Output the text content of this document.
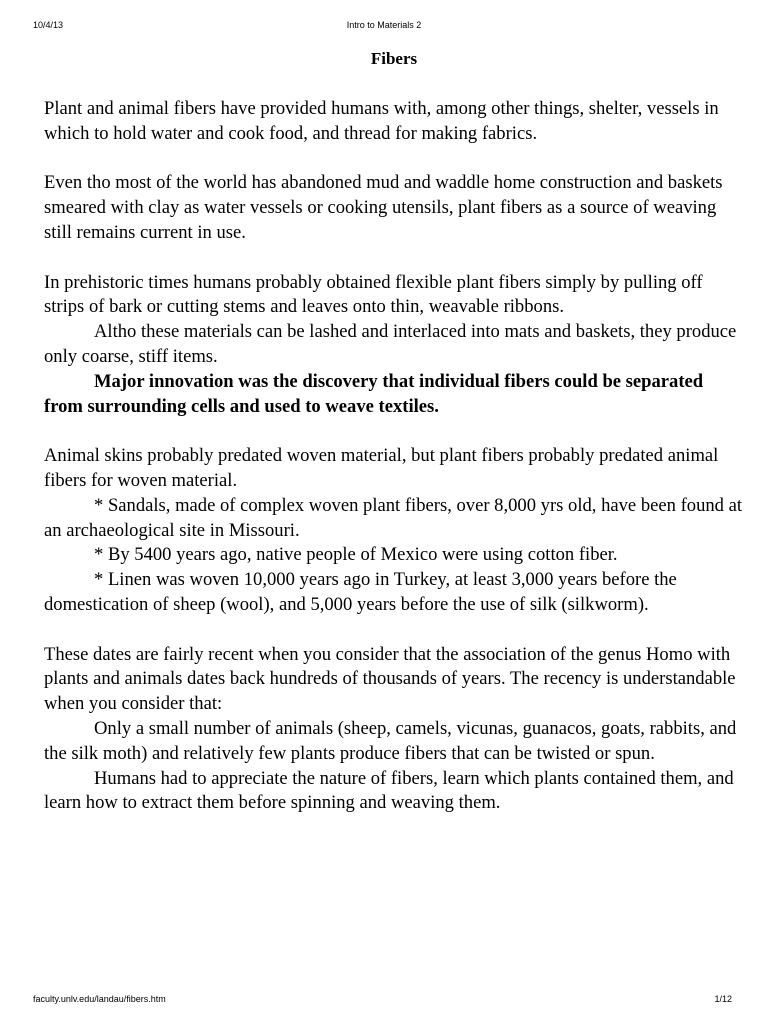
10/4/13	Intro to Materials 2
Fibers

Plant and animal fibers have provided humans with, among other things, shelter, vessels in which to hold water and cook food, and thread for making fabrics.

Even tho most of the world has abandoned mud and waddle home construction and baskets smeared with clay as water vessels or cooking utensils, plant fibers as a source of weaving still remains current in use.

In prehistoric times humans probably obtained flexible plant fibers simply by pulling off strips of bark or cutting stems and leaves onto thin, weavable ribbons.

Altho these materials can be lashed and interlaced into mats and baskets, they produce only coarse, stiff items.

Major innovation was the discovery that individual fibers could be separated from surrounding cells and used to weave textiles.

Animal skins probably predated woven material, but plant fibers probably predated animal fibers for woven material.

* Sandals, made of complex woven plant fibers, over 8,000 yrs old, have been found at an archaeological site in Missouri.

* By 5400 years ago, native people of Mexico were using cotton fiber.

* Linen was woven 10,000 years ago in Turkey, at least 3,000 years before the domestication of sheep (wool), and 5,000 years before the use of silk (silkworm).

These dates are fairly recent when you consider that the association of the genus Homo with plants and animals dates back hundreds of thousands of years. The recency is understandable when you consider that:

Only a small number of animals (sheep, camels, vicunas, guanacos, goats, rabbits, and the silk moth) and relatively few plants produce fibers that can be twisted or spun.

Humans had to appreciate the nature of fibers, learn which plants contained them, and learn how to extract them before spinning and weaving them.

faculty.unlv.edu/landau/fibers.htm	1/12
